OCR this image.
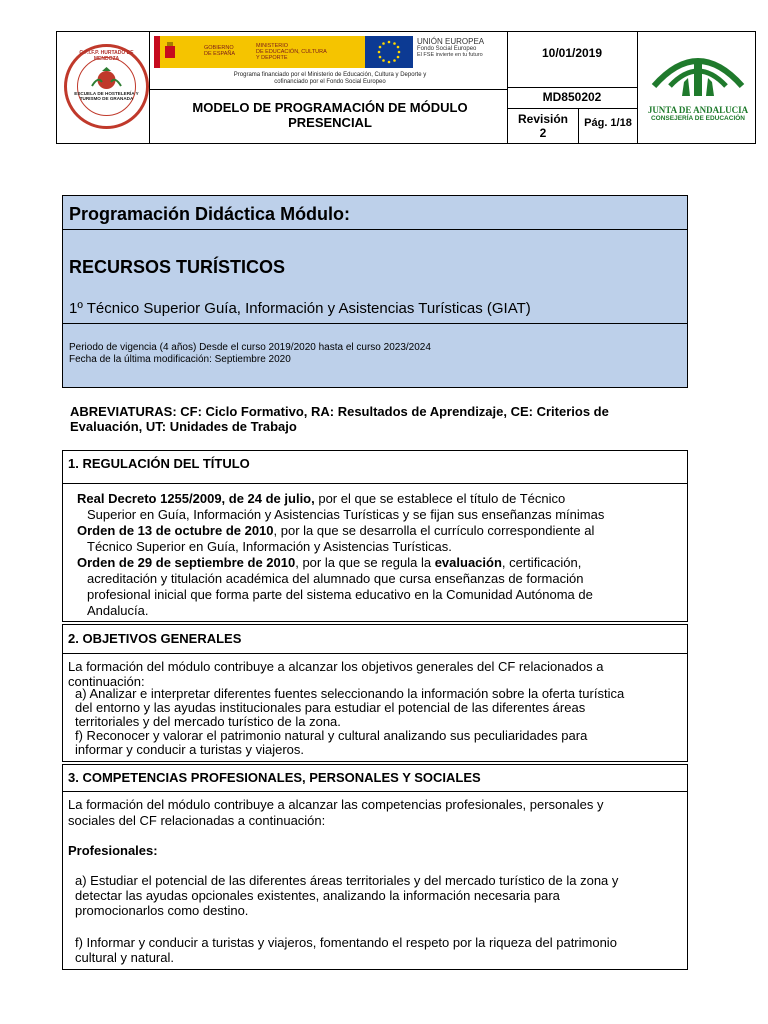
C.P.I.F.P. HURTADO DE MENDOZA
ESCUELA DE HOSTELERÍA Y TURISMO DE GRANADA
GOBIERNO
DE ESPAÑA
MINISTERIO
DE EDUCACIÓN, CULTURA
Y DEPORTE
UNIÓN EUROPEA
Fondo Social Europeo
El FSE invierte en tu futuro
Programa financiado por el Ministerio de Educación, Cultura y Deporte y
cofinanciado por el Fondo Social Europeo
MODELO DE PROGRAMACIÓN DE MÓDULO
PRESENCIAL
10/01/2019
MD850202
Revisión
2
Pág. 1/18
JUNTA DE ANDALUCIA
CONSEJERÍA DE EDUCACIÓN
Programación Didáctica Módulo:
RECURSOS TURÍSTICOS
1º Técnico Superior Guía, Información y Asistencias Turísticas (GIAT)
Periodo de vigencia (4 años) Desde el curso 2019/2020 hasta el curso 2023/2024
Fecha de la última modificación: Septiembre 2020
ABREVIATURAS: CF: Ciclo Formativo, RA: Resultados de Aprendizaje, CE: Criterios de
Evaluación, UT: Unidades de Trabajo
1. REGULACIÓN DEL TÍTULO
Real Decreto 1255/2009, de 24 de julio, por el que se establece el título de Técnico
Superior en Guía, Información y Asistencias Turísticas y se fijan sus enseñanzas mínimas
Orden de 13 de octubre de 2010, por la que se desarrolla el currículo correspondiente al
Técnico Superior en Guía, Información y Asistencias Turísticas.
Orden de 29 de septiembre de 2010, por la que se regula la evaluación, certificación,
acreditación y titulación académica del alumnado que cursa enseñanzas de formación
profesional inicial que forma parte del sistema educativo en la Comunidad Autónoma de
Andalucía.
2. OBJETIVOS GENERALES
La formación del módulo contribuye a alcanzar los objetivos generales del CF relacionados a
continuación:
a) Analizar e interpretar diferentes fuentes seleccionando la información sobre la oferta turística
del entorno y las ayudas institucionales para estudiar el potencial de las diferentes áreas
territoriales y del mercado turístico de la zona.
f) Reconocer y valorar el patrimonio natural y cultural analizando sus peculiaridades para
informar y conducir a turistas y viajeros.
3. COMPETENCIAS PROFESIONALES, PERSONALES Y SOCIALES
La formación del módulo contribuye a alcanzar las competencias profesionales, personales y
sociales del CF relacionadas a continuación:
Profesionales:
a) Estudiar el potencial de las diferentes áreas territoriales y del mercado turístico de la zona y
detectar las ayudas opcionales existentes, analizando la información necesaria para
promocionarlos como destino.
f) Informar y conducir a turistas y viajeros, fomentando el respeto por la riqueza del patrimonio
cultural y natural.
